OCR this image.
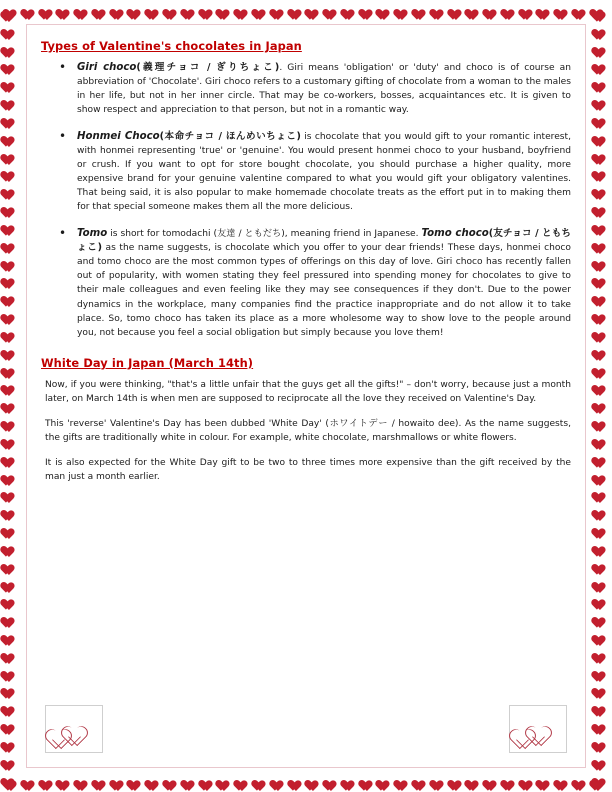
Types of Valentine's chocolates in Japan
• Giri choco(義理チョコ / ぎりちょこ). Giri means 'obligation' or 'duty' and choco is of course an abbreviation of 'Chocolate'. Giri choco refers to a customary gifting of chocolate from a woman to the males in her life, but not in her inner circle. That may be co-workers, bosses, acquaintances etc. It is given to show respect and appreciation to that person, but not in a romantic way.
• Honmei Choco(本命チョコ / ほんめいちょこ) is chocolate that you would gift to your romantic interest, with honmei representing 'true' or 'genuine'. You would present honmei choco to your husband, boyfriend or crush. If you want to opt for store bought chocolate, you should purchase a higher quality, more expensive brand for your genuine valentine compared to what you would gift your obligatory valentines. That being said, it is also popular to make homemade chocolate treats as the effort put in to making them for that special someone makes them all the more delicious.
• Tomo is short for tomodachi (友達 / ともだち), meaning friend in Japanese. Tomo choco(友チョコ / ともちょこ) as the name suggests, is chocolate which you offer to your dear friends! These days, honmei choco and tomo choco are the most common types of offerings on this day of love. Giri choco has recently fallen out of popularity, with women stating they feel pressured into spending money for chocolates to give to their male colleagues and even feeling like they may see consequences if they don't. Due to the power dynamics in the workplace, many companies find the practice inappropriate and do not allow it to take place. So, tomo choco has taken its place as a more wholesome way to show love to the people around you, not because you feel a social obligation but simply because you love them!
White Day in Japan (March 14th)

Now, if you were thinking, "that's a little unfair that the guys get all the gifts!" – don't worry, because just a month later, on March 14th is when men are supposed to reciprocate all the love they received on Valentine's Day.

This 'reverse' Valentine's Day has been dubbed 'White Day' (ホワイトデー / howaito dee). As the name suggests, the gifts are traditionally white in colour. For example, white chocolate, marshmallows or white flowers.

It is also expected for the White Day gift to be two to three times more expensive than the gift received by the man just a month earlier.
